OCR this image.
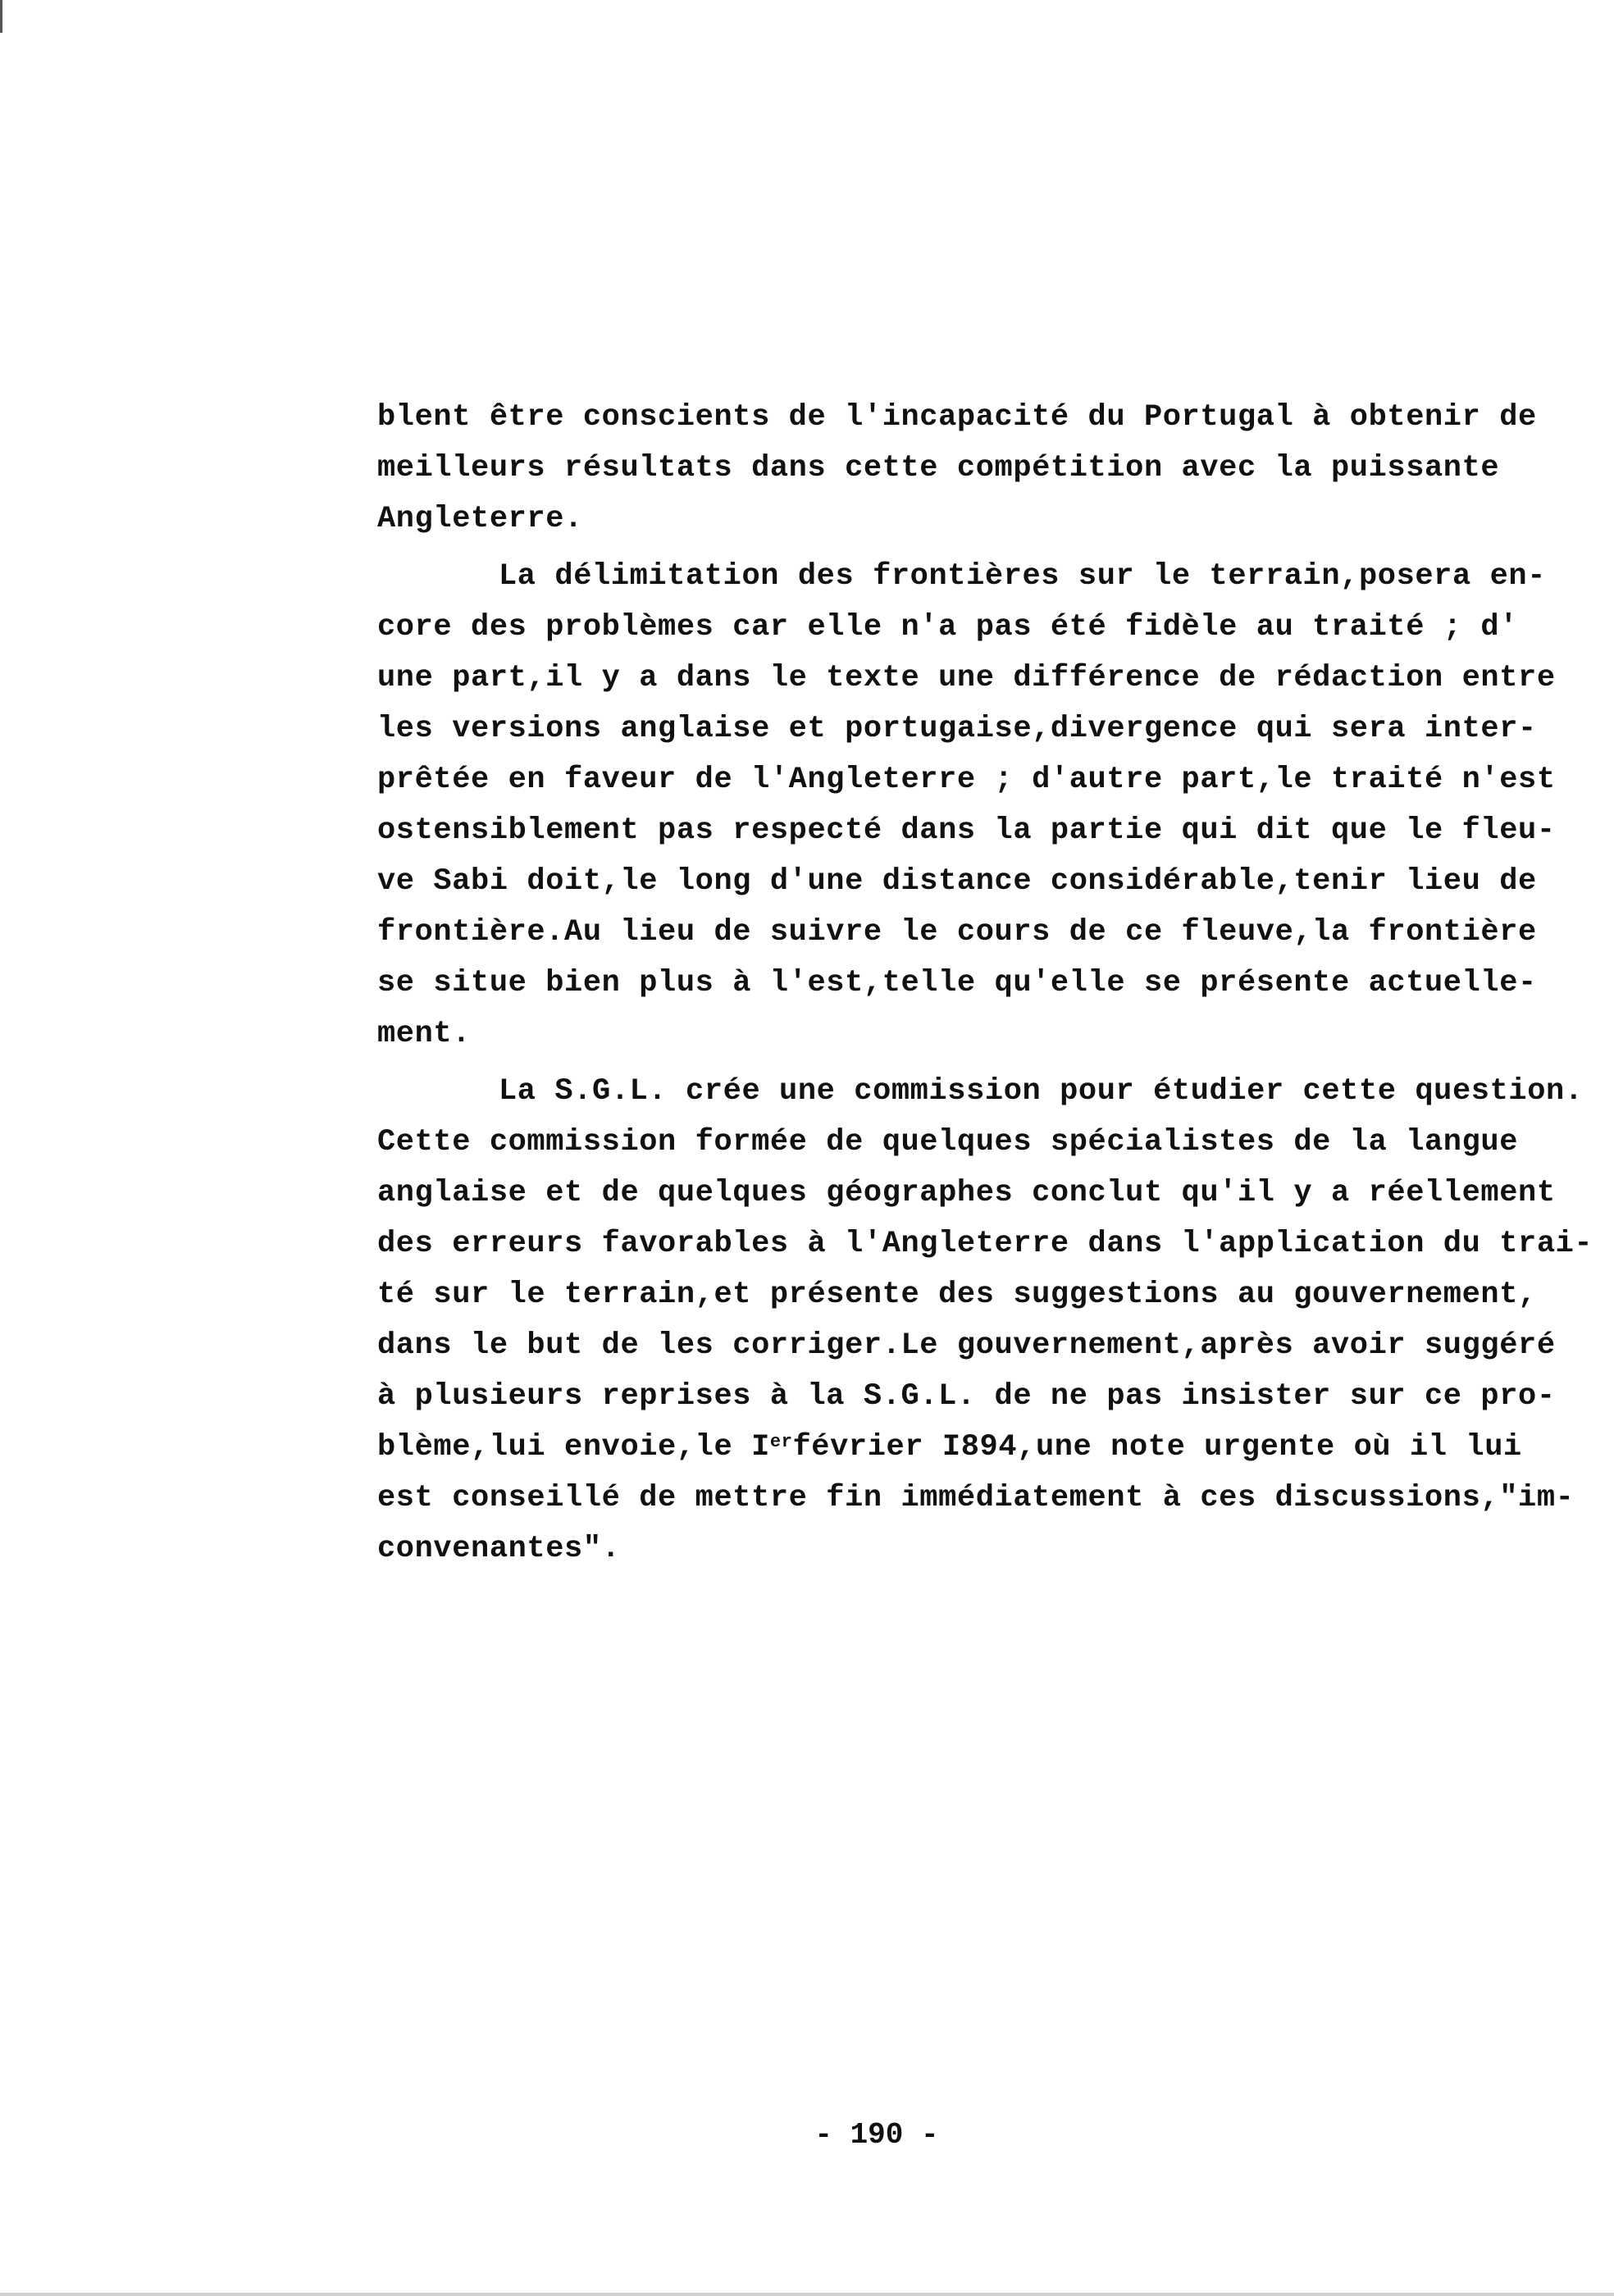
blent être conscients de l'incapacité du Portugal à obtenir de
meilleurs résultats dans cette compétition avec la puissante
Angleterre.
La délimitation des frontières sur le terrain,posera en-
core des problèmes car elle n'a pas été fidèle au traité ; d'
une part,il y a dans le texte une différence de rédaction entre
les versions anglaise et portugaise,divergence qui sera inter-
prêtée en faveur de l'Angleterre ; d'autre part,le traité n'est
ostensiblement pas respecté dans la partie qui dit que le fleu-
ve Sabi doit,le long d'une distance considérable,tenir lieu de
frontière.Au lieu de suivre le cours de ce fleuve,la frontière
se situe bien plus à l'est,telle qu'elle se présente actuelle-
ment.
La S.G.L. crée une commission pour étudier cette question.
Cette commission formée de quelques spécialistes de la langue
anglaise et de quelques géographes conclut qu'il y a réellement
des erreurs favorables à l'Angleterre dans l'application du trai-
té sur le terrain,et présente des suggestions au gouvernement,
dans le but de les corriger.Le gouvernement,après avoir suggéré
à plusieurs reprises à la S.G.L. de ne pas insister sur ce pro-
blème,lui envoie,le Ierfévrier I894,une note urgente où il lui
est conseillé de mettre fin immédiatement à ces discussions,"im-
convenantes".
- 190 -
